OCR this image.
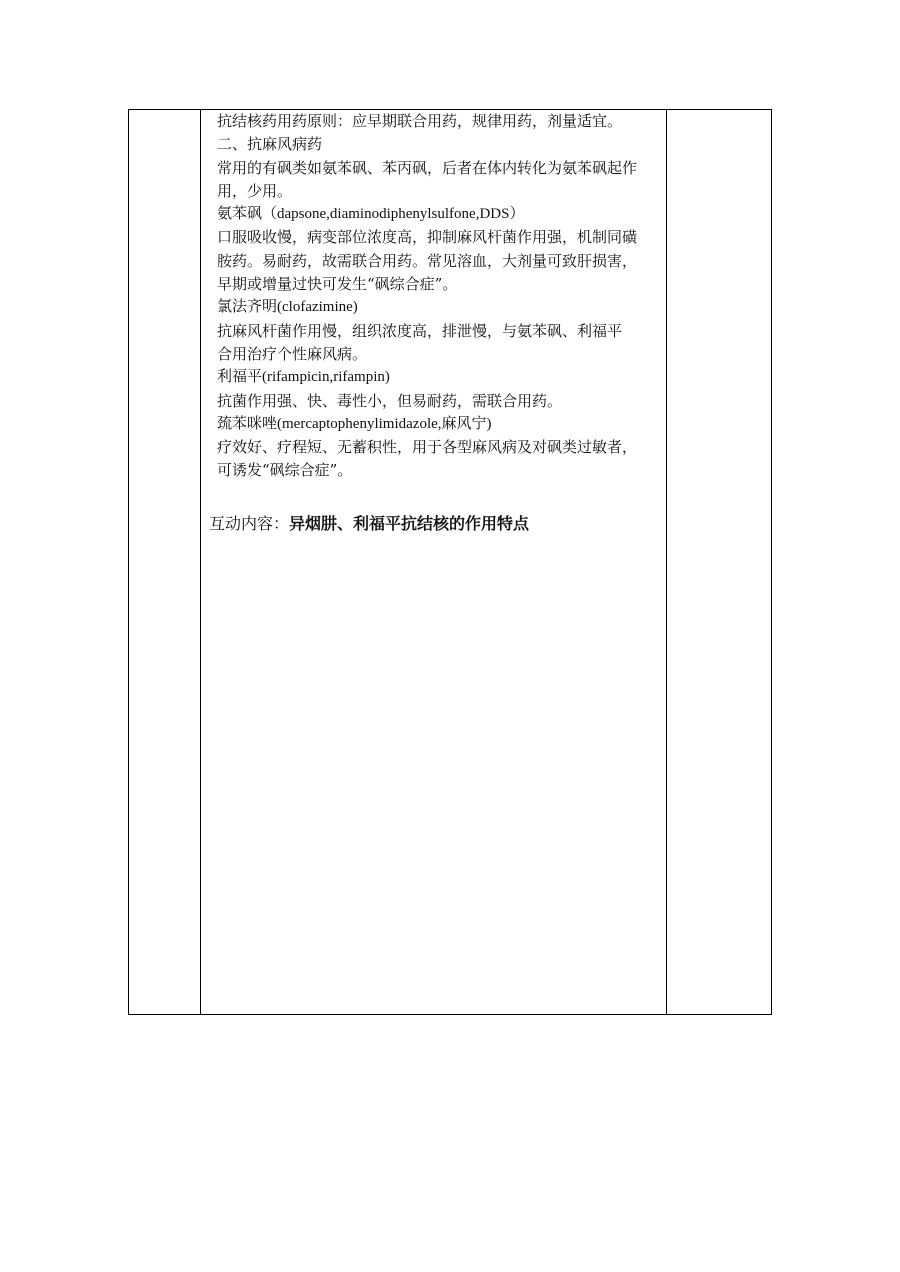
抗结核药用药原则：应早期联合用药，规律用药，剂量适宜。
二、抗麻风病药
常用的有砜类如氨苯砜、苯丙砜，后者在体内转化为氨苯砜起作
用，少用。
氨苯砜（dapsone,diaminodiphenylsulfone,DDS）
口服吸收慢，病变部位浓度高，抑制麻风杆菌作用强，机制同磺
胺药。易耐药，故需联合用药。常见溶血，大剂量可致肝损害，
早期或增量过快可发生“砜综合症”。
氯法齐明(clofazimine)
抗麻风杆菌作用慢，组织浓度高，排泄慢，与氨苯砜、利福平
合用治疗个性麻风病。
利福平(rifampicin,rifampin)
抗菌作用强、快、毒性小，但易耐药，需联合用药。
巯苯咪唑(mercaptophenylimidazole,麻风宁)
疗效好、疗程短、无蓄积性，用于各型麻风病及对砜类过敏者，
可诱发“砜综合症”。
互动内容：异烟肼、利福平抗结核的作用特点
